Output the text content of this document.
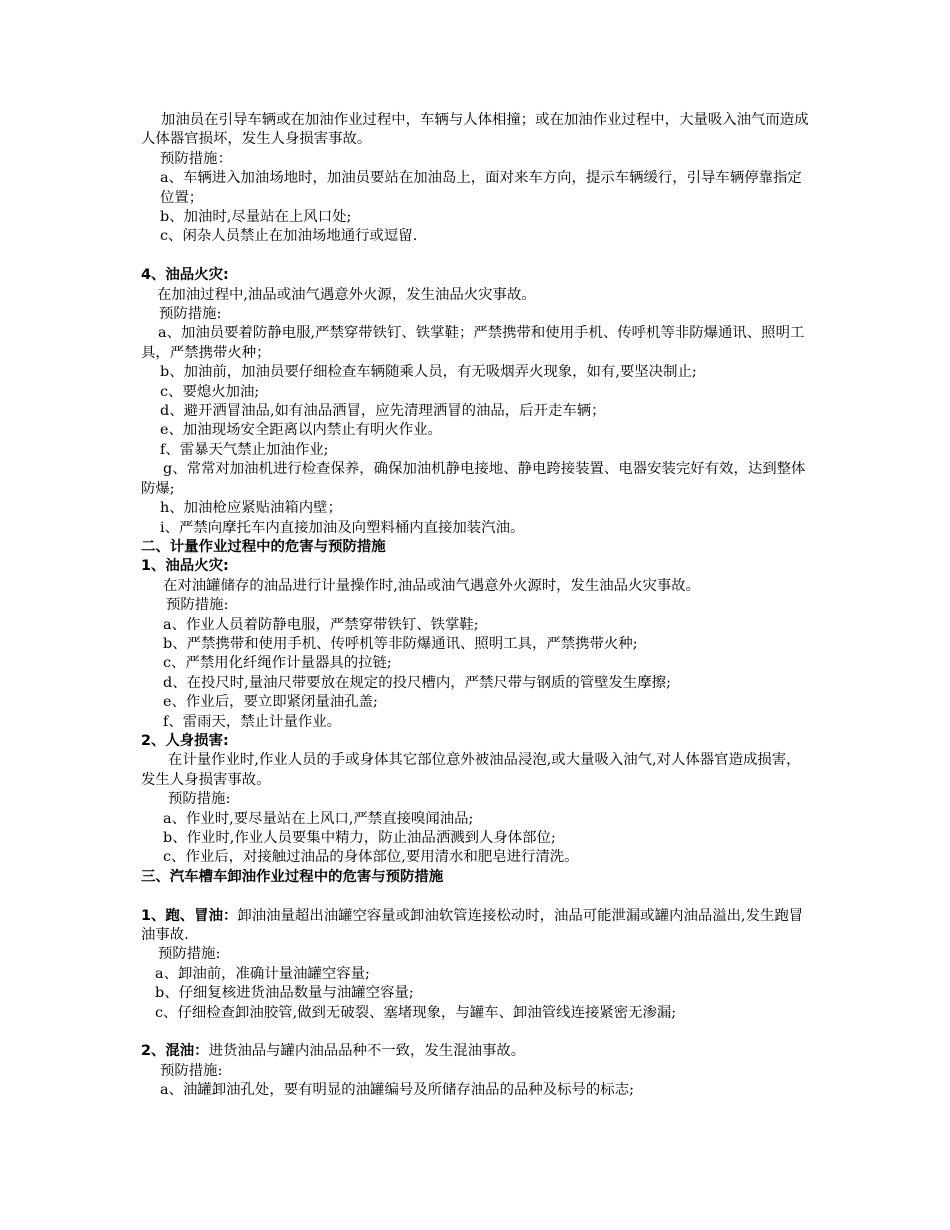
加油员在引导车辆或在加油作业过程中，车辆与人体相撞；或在加油作业过程中，大量吸入油气而造成人体器官损坏，发生人身损害事故。

预防措施：

a、车辆进入加油场地时，加油员要站在加油岛上，面对来车方向，提示车辆缓行，引导车辆停靠指定位置；

b、加油时,尽量站在上风口处;

c、闲杂人员禁止在加油场地通行或逗留.

4、油品火灾:

在加油过程中,油品或油气遇意外火源，发生油品火灾事故。

预防措施:

a、加油员要着防静电服,严禁穿带铁钉、铁掌鞋；严禁携带和使用手机、传呼机等非防爆通讯、照明工具，严禁携带火种；

b、加油前，加油员要仔细检查车辆随乘人员，有无吸烟弄火现象，如有,要坚决制止;

c、要熄火加油;

d、避开洒冒油品,如有油品洒冒，应先清理洒冒的油品，后开走车辆；

e、加油现场安全距离以内禁止有明火作业。

f、雷暴天气禁止加油作业;

g、常常对加油机进行检查保养，确保加油机静电接地、静电跨接装置、电器安装完好有效，达到整体防爆;

h、加油枪应紧贴油箱内壁；

i、严禁向摩托车内直接加油及向塑料桶内直接加装汽油。

二、计量作业过程中的危害与预防措施

1、油品火灾:

在对油罐储存的油品进行计量操作时,油品或油气遇意外火源时，发生油品火灾事故。

预防措施:

a、作业人员着防静电服，严禁穿带铁钉、铁掌鞋;

b、严禁携带和使用手机、传呼机等非防爆通讯、照明工具，严禁携带火种;

c、严禁用化纤绳作计量器具的拉链;

d、在投尺时,量油尺带要放在规定的投尺槽内，严禁尺带与钢质的管壁发生摩擦;

e、作业后，要立即紧闭量油孔盖;

f、雷雨天，禁止计量作业。

2、人身损害:

在计量作业时,作业人员的手或身体其它部位意外被油品浸泡,或大量吸入油气,对人体器官造成损害，发生人身损害事故。

预防措施:

a、作业时,要尽量站在上风口,严禁直接嗅闻油品;

b、作业时,作业人员要集中精力，防止油品洒溅到人身体部位;

c、作业后，对接触过油品的身体部位,要用清水和肥皂进行清洗。

三、汽车槽车卸油作业过程中的危害与预防措施

1、跑、冒油：卸油油量超出油罐空容量或卸油软管连接松动时，油品可能泄漏或罐内油品溢出,发生跑冒油事故.

预防措施:

a、卸油前，准确计量油罐空容量;

b、仔细复核进货油品数量与油罐空容量;

c、仔细检查卸油胶管,做到无破裂、塞堵现象，与罐车、卸油管线连接紧密无渗漏;

2、混油：进货油品与罐内油品品种不一致，发生混油事故。

预防措施:

a、油罐卸油孔处，要有明显的油罐编号及所储存油品的品种及标号的标志;
